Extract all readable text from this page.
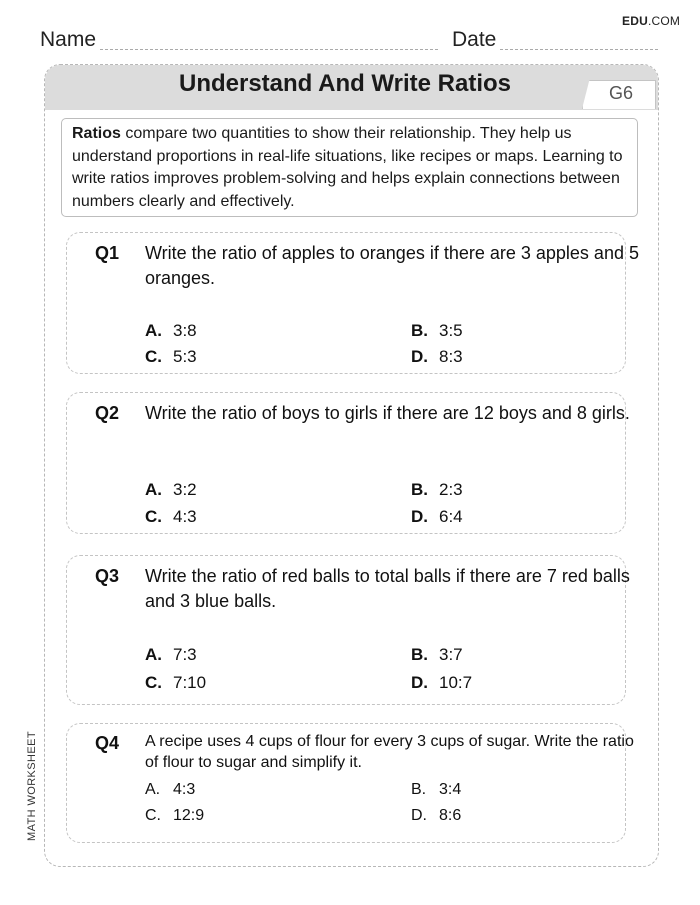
EDU.COM
Name	Date
MATH WORKSHEET
Understand And Write Ratios	G6
Ratios compare two quantities to show their relationship. They help us understand proportions in real-life situations, like recipes or maps. Learning to write ratios improves problem-solving and helps explain connections between numbers clearly and effectively.
Q1 Write the ratio of apples to oranges if there are 3 apples and 5 oranges.
A. 3:8	B. 3:5
C. 5:3	D. 8:3
Q2 Write the ratio of boys to girls if there are 12 boys and 8 girls.
A. 3:2	B. 2:3
C. 4:3	D. 6:4
Q3 Write the ratio of red balls to total balls if there are 7 red balls and 3 blue balls.
A. 7:3	B. 3:7
C. 7:10	D. 10:7
Q4 A recipe uses 4 cups of flour for every 3 cups of sugar. Write the ratio of flour to sugar and simplify it.
A. 4:3	B. 3:4
C. 12:9	D. 8:6
